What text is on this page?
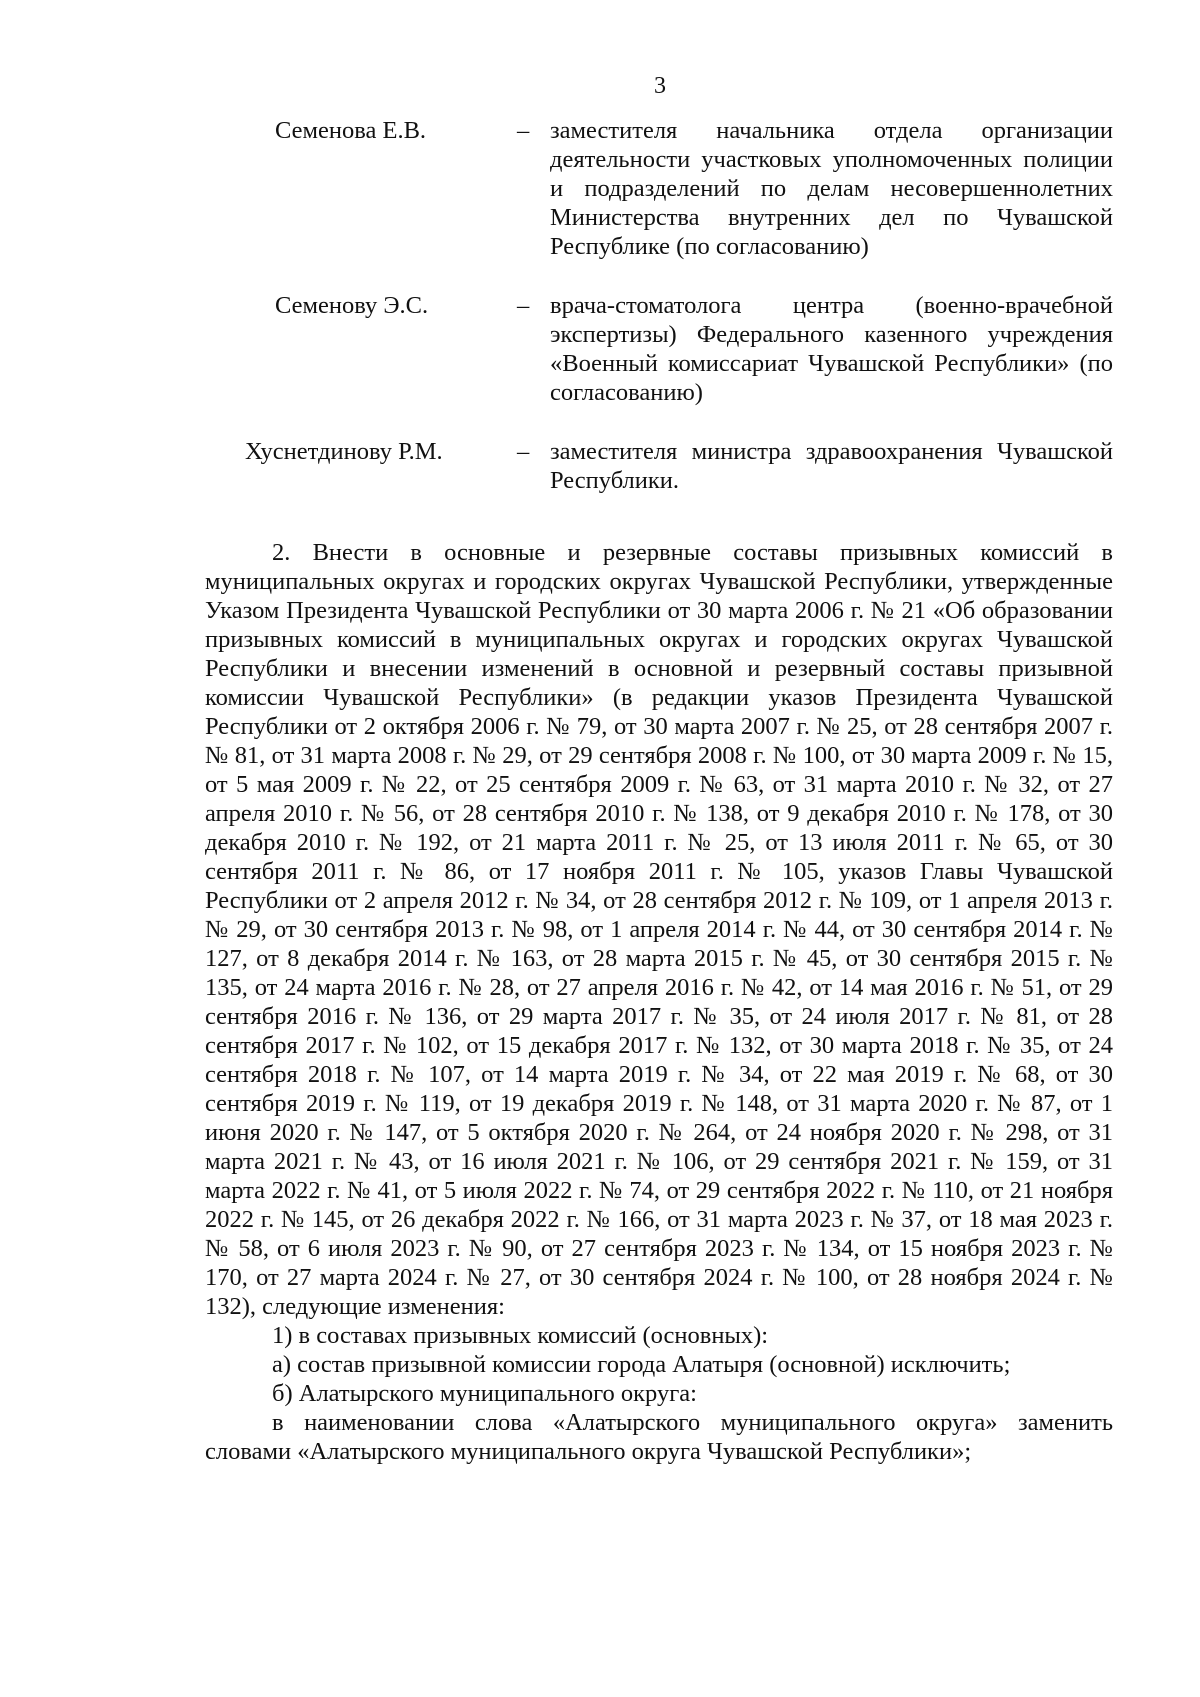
3
Семенова Е.В.	– заместителя начальника отдела организации деятельности участковых уполномоченных полиции и подразделений по делам несовершеннолетних Министерства внутренних дел по Чувашской Республике (по согласованию)
Семенову Э.С.	– врача-стоматолога центра (военно-врачебной экспертизы) Федерального казенного учреждения «Военный комиссариат Чувашской Республики» (по согласованию)
Хуснетдинову Р.М.	– заместителя министра здравоохранения Чувашской Республики.

2. Внести в основные и резервные составы призывных комиссий в муниципальных округах и городских округах Чувашской Республики, утвержденные Указом Президента Чувашской Республики от 30 марта 2006 г. № 21 «Об образовании призывных комиссий в муниципальных округах и городских округах Чувашской Республики и внесении изменений в основной и резервный составы призывной комиссии Чувашской Республики» (в редакции указов Президента Чувашской Республики от 2 октября 2006 г. № 79, от 30 марта 2007 г. № 25, от 28 сентября 2007 г. № 81, от 31 марта 2008 г. № 29, от 29 сентября 2008 г. № 100, от 30 марта 2009 г. № 15, от 5 мая 2009 г. № 22, от 25 сентября 2009 г. № 63, от 31 марта 2010 г. № 32, от 27 апреля 2010 г. № 56, от 28 сентября 2010 г. № 138, от 9 декабря 2010 г. № 178, от 30 декабря 2010 г. № 192, от 21 марта 2011 г. № 25, от 13 июля 2011 г. № 65, от 30 сентября 2011 г. № 86, от 17 ноября 2011 г. № 105, указов Главы Чувашской Республики от 2 апреля 2012 г. № 34, от 28 сентября 2012 г. № 109, от 1 апреля 2013 г. № 29, от 30 сентября 2013 г. № 98, от 1 апреля 2014 г. № 44, от 30 сентября 2014 г. № 127, от 8 декабря 2014 г. № 163, от 28 марта 2015 г. № 45, от 30 сентября 2015 г. № 135, от 24 марта 2016 г. № 28, от 27 апреля 2016 г. № 42, от 14 мая 2016 г. № 51, от 29 сентября 2016 г. № 136, от 29 марта 2017 г. № 35, от 24 июля 2017 г. № 81, от 28 сентября 2017 г. № 102, от 15 декабря 2017 г. № 132, от 30 марта 2018 г. № 35, от 24 сентября 2018 г. № 107, от 14 марта 2019 г. № 34, от 22 мая 2019 г. № 68, от 30 сентября 2019 г. № 119, от 19 декабря 2019 г. № 148, от 31 марта 2020 г. № 87, от 1 июня 2020 г. № 147, от 5 октября 2020 г. № 264, от 24 ноября 2020 г. № 298, от 31 марта 2021 г. № 43, от 16 июля 2021 г. № 106, от 29 сентября 2021 г. № 159, от 31 марта 2022 г. № 41, от 5 июля 2022 г. № 74, от 29 сентября 2022 г. № 110, от 21 ноября 2022 г. № 145, от 26 декабря 2022 г. № 166, от 31 марта 2023 г. № 37, от 18 мая 2023 г. № 58, от 6 июля 2023 г. № 90, от 27 сентября 2023 г. № 134, от 15 ноября 2023 г. № 170, от 27 марта 2024 г. № 27, от 30 сентября 2024 г. № 100, от 28 ноября 2024 г. № 132), следующие изменения:

1) в составах призывных комиссий (основных):

а) состав призывной комиссии города Алатыря (основной) исключить;

б) Алатырского муниципального округа:

в наименовании слова «Алатырского муниципального округа» заменить словами «Алатырского муниципального округа Чувашской Республики»;
